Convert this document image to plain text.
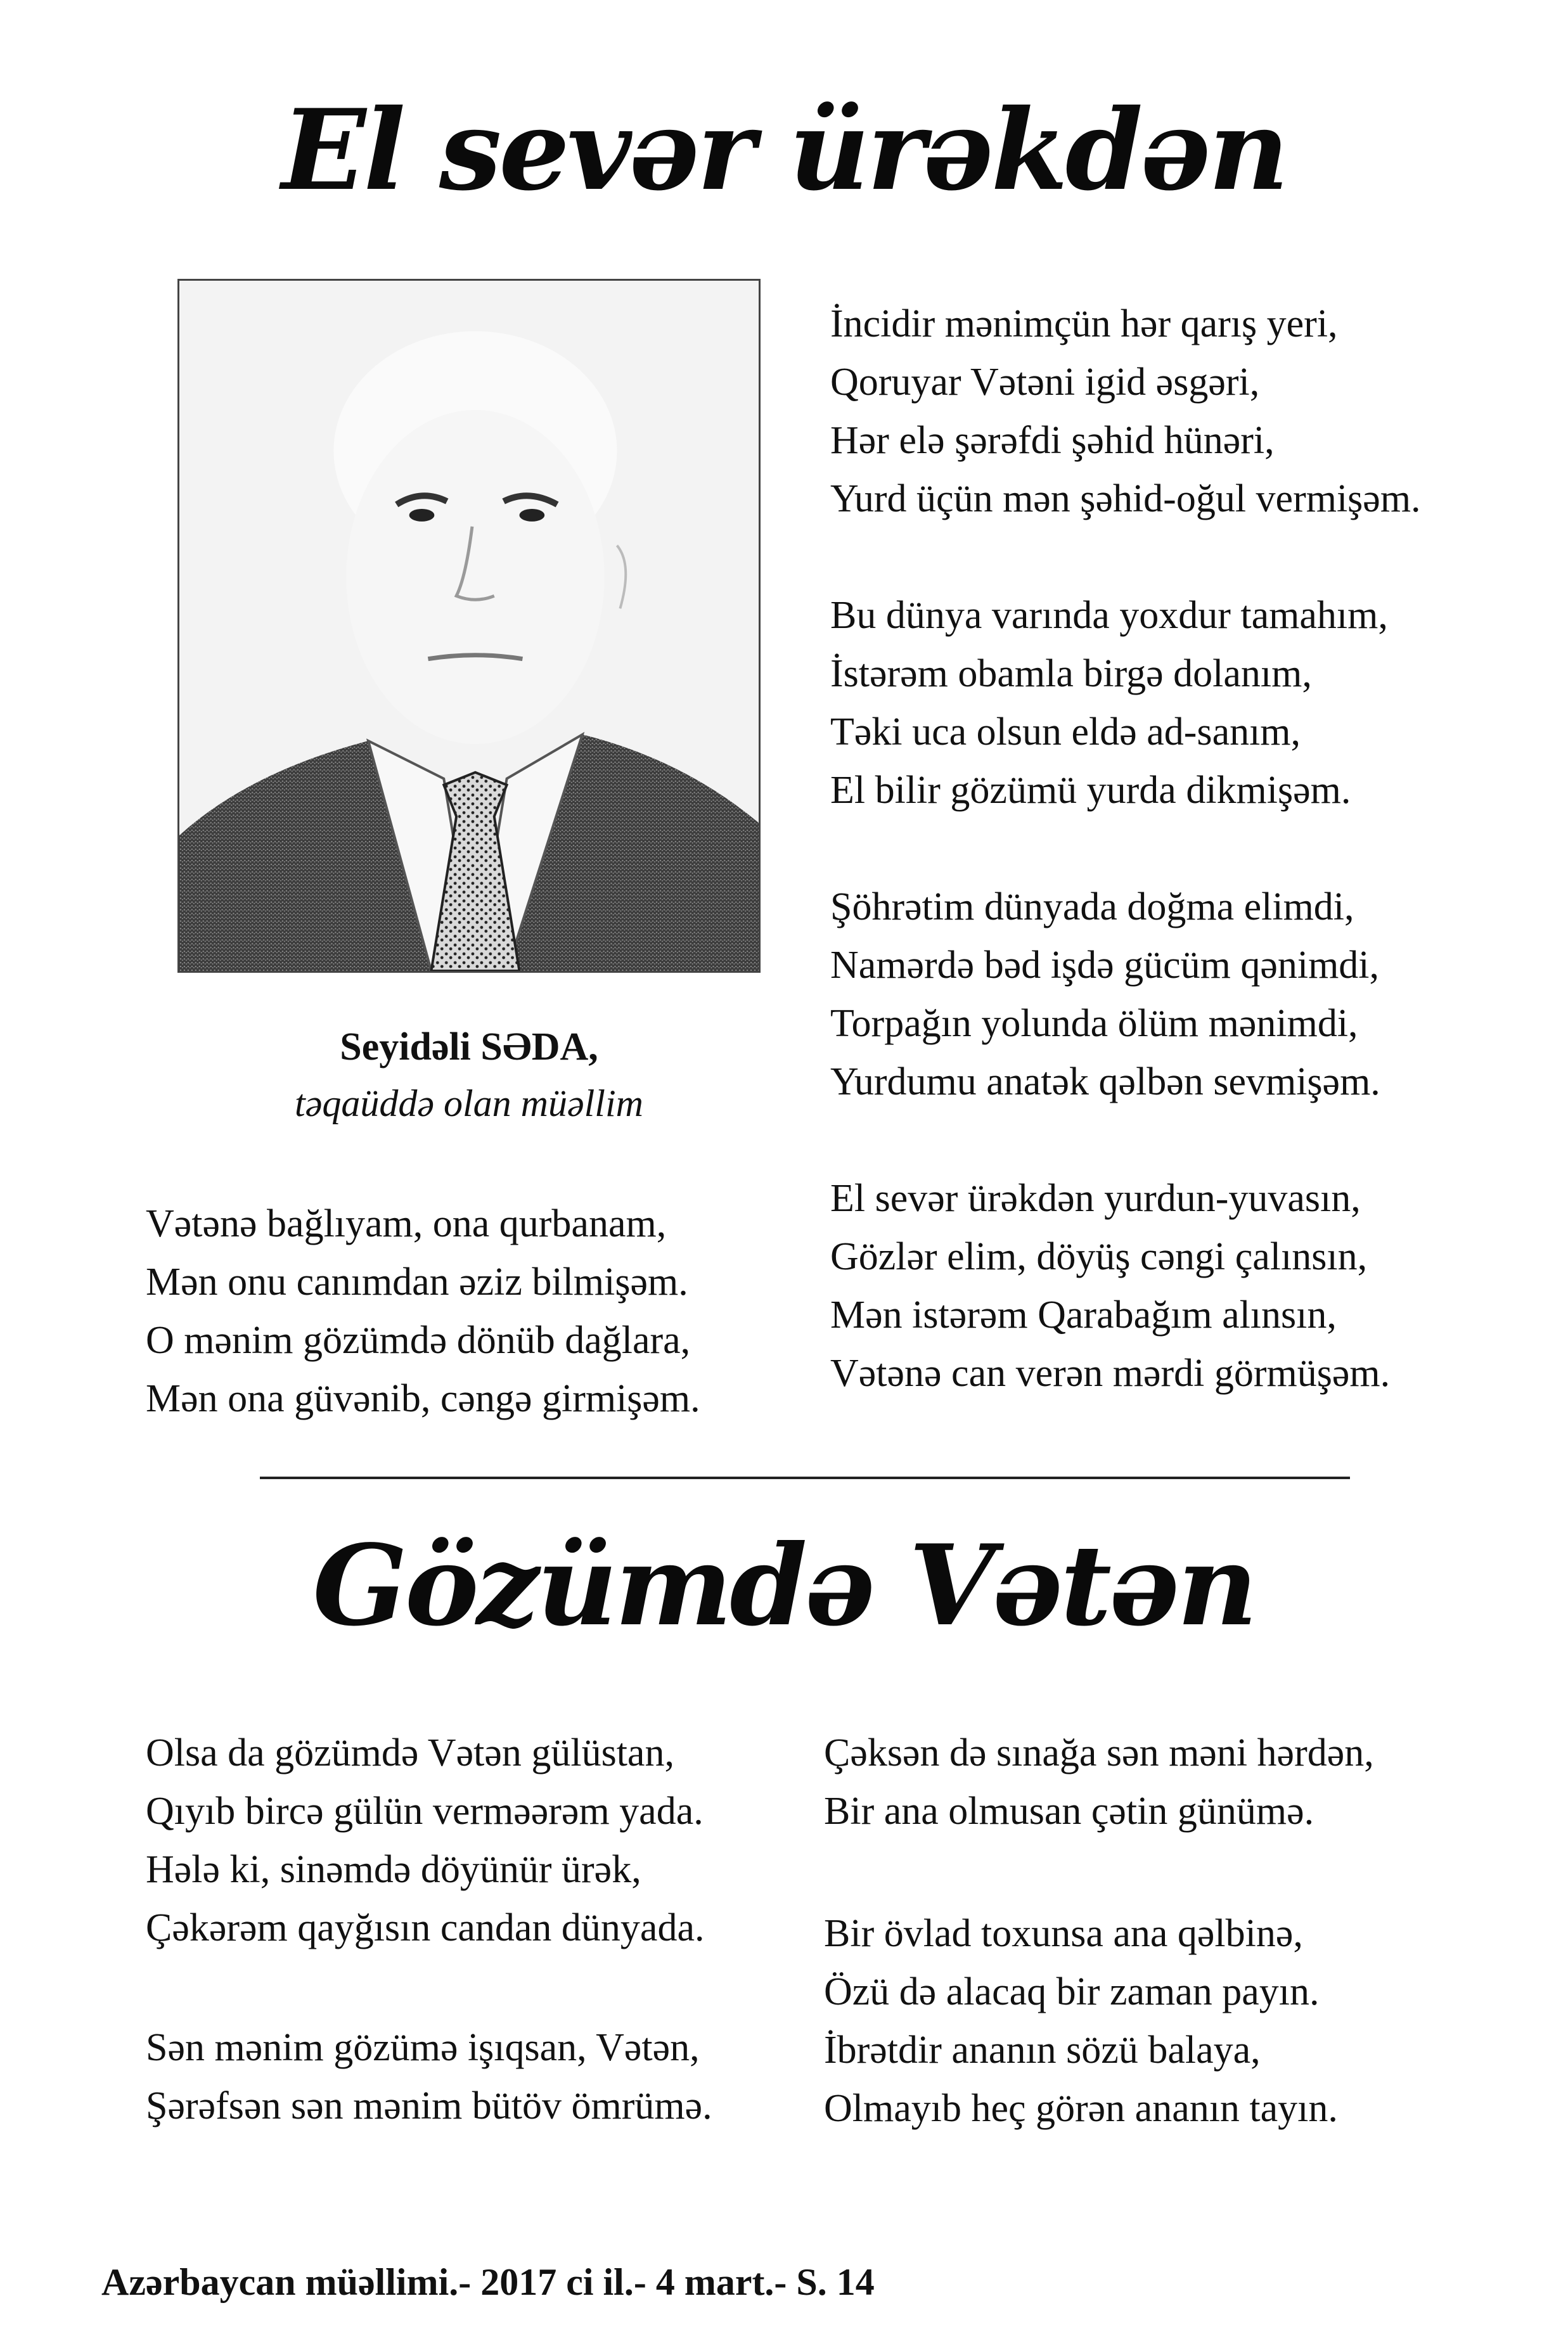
El sevər ürəkdən
Seyidəli SƏDA,
təqaüddə olan müəllim
Vətənə bağlıyam, ona qurbanam,
Mən onu canımdan əziz bilmişəm.
O mənim gözümdə dönüb dağlara,
Mən ona güvənib, cəngə girmişəm.
İncidir mənimçün hər qarış yeri,
Qoruyar Vətəni igid əsgəri,
Hər elə şərəfdi şəhid hünəri,
Yurd üçün mən şəhid-oğul vermişəm.
Bu dünya varında yoxdur tamahım,
İstərəm obamla birgə dolanım,
Təki uca olsun eldə ad-sanım,
El bilir gözümü yurda dikmişəm.
Şöhrətim dünyada doğma elimdi,
Namərdə bəd işdə gücüm qənimdi,
Torpağın yolunda ölüm mənimdi,
Yurdumu anatək qəlbən sevmişəm.
El sevər ürəkdən yurdun-yuvasın,
Gözlər elim, döyüş cəngi çalınsın,
Mən istərəm Qarabağım alınsın,
Vətənə can verən mərdi görmüşəm.
Gözümdə Vətən
Olsa da gözümdə Vətən gülüstan,
Qıyıb bircə gülün verməərəm yada.
Hələ ki, sinəmdə döyünür ürək,
Çəkərəm qayğısın candan dünyada.
Sən mənim gözümə işıqsan, Vətən,
Şərəfsən sən mənim bütöv ömrümə.
Çəksən də sınağa sən məni hərdən,
Bir ana olmusan çətin günümə.
Bir övlad toxunsa ana qəlbinə,
Özü də alacaq bir zaman payın.
İbrətdir ananın sözü balaya,
Olmayıb heç görən ananın tayın.
Azərbaycan müəllimi.- 2017 ci il.- 4 mart.- S. 14
